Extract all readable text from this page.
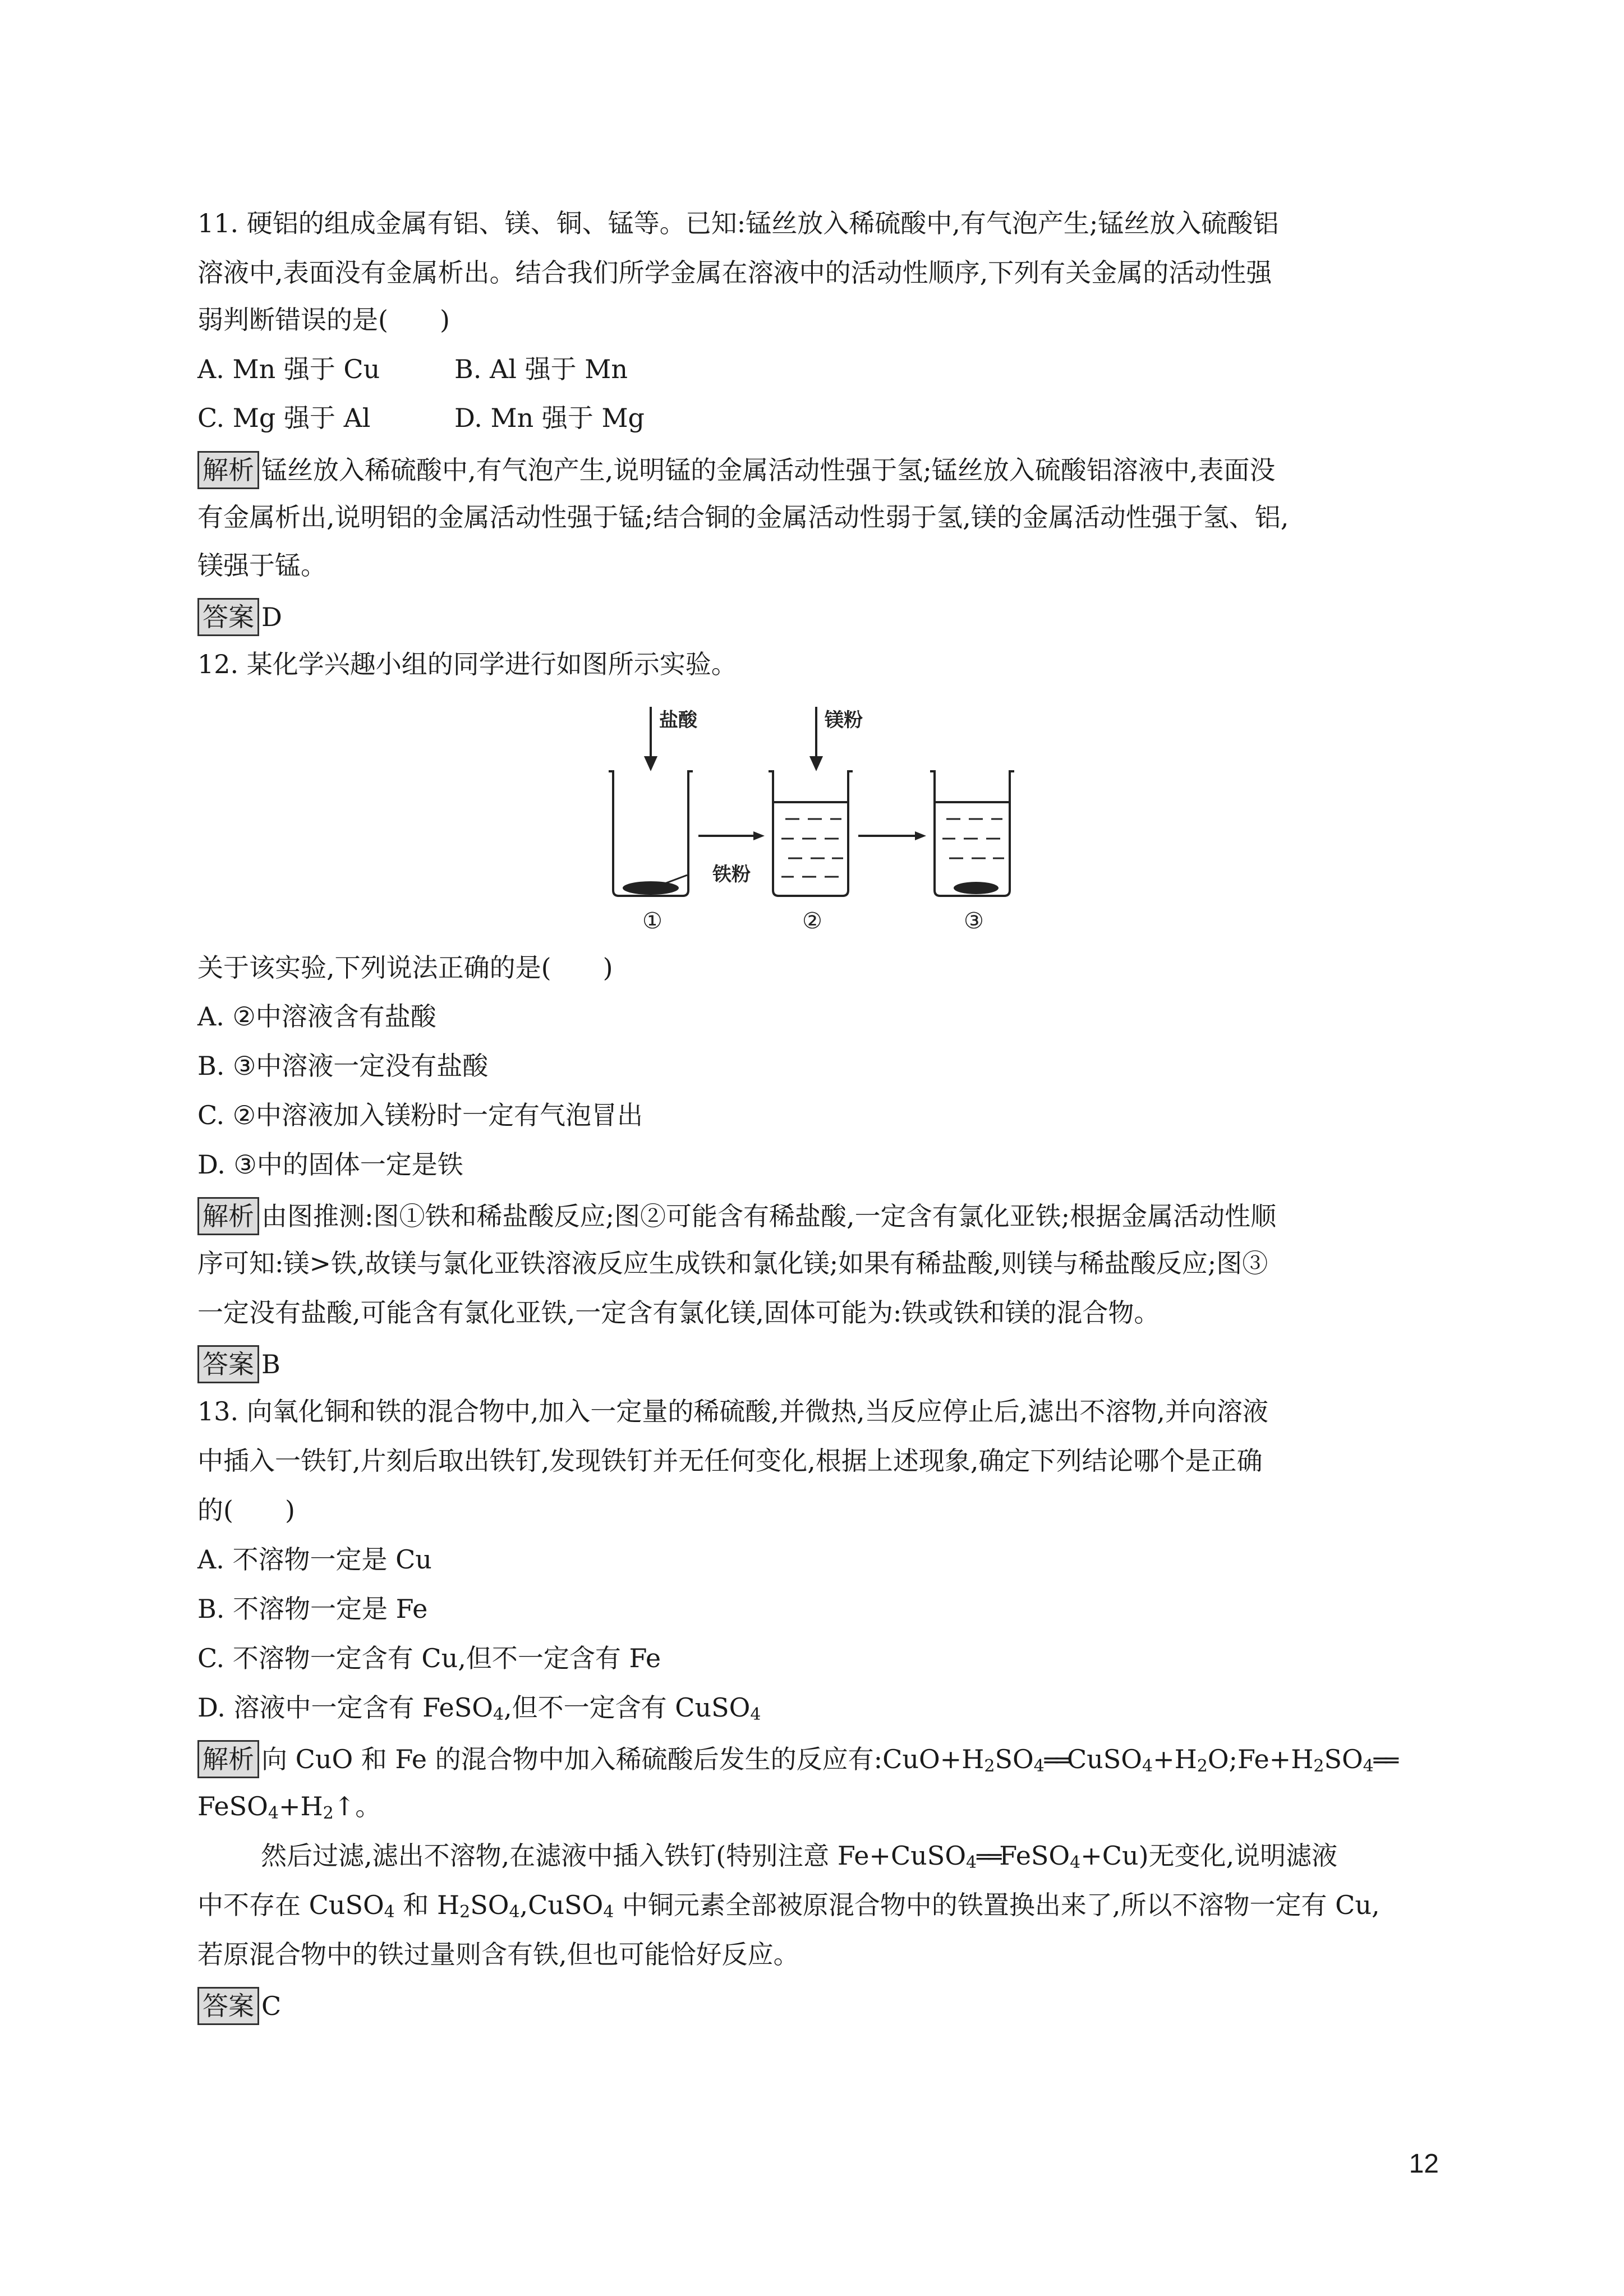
11. 硬铝的组成金属有铝、镁、铜、锰等。已知:锰丝放入稀硫酸中,有气泡产生;锰丝放入硫酸铝
溶液中,表面没有金属析出。结合我们所学金属在溶液中的活动性顺序,下列有关金属的活动性强
弱判断错误的是(　　)
A. Mn 强于 Cu	B. Al 强于 Mn
C. Mg 强于 Al	D. Mn 强于 Mg
解析 锰丝放入稀硫酸中,有气泡产生,说明锰的金属活动性强于氢;锰丝放入硫酸铝溶液中,表面没
有金属析出,说明铝的金属活动性强于锰;结合铜的金属活动性弱于氢,镁的金属活动性强于氢、铝,
镁强于锰。
答案 D
12. 某化学兴趣小组的同学进行如图所示实验。
盐酸	镁粉
铁粉
①	②	③
关于该实验,下列说法正确的是(　　)
A. ②中溶液含有盐酸
B. ③中溶液一定没有盐酸
C. ②中溶液加入镁粉时一定有气泡冒出
D. ③中的固体一定是铁
解析 由图推测:图①铁和稀盐酸反应;图②可能含有稀盐酸,一定含有氯化亚铁;根据金属活动性顺
序可知:镁>铁,故镁与氯化亚铁溶液反应生成铁和氯化镁;如果有稀盐酸,则镁与稀盐酸反应;图③
一定没有盐酸,可能含有氯化亚铁,一定含有氯化镁,固体可能为:铁或铁和镁的混合物。
答案 B
13. 向氧化铜和铁的混合物中,加入一定量的稀硫酸,并微热,当反应停止后,滤出不溶物,并向溶液
中插入一铁钉,片刻后取出铁钉,发现铁钉并无任何变化,根据上述现象,确定下列结论哪个是正确
的(　　)
A. 不溶物一定是 Cu
B. 不溶物一定是 Fe
C. 不溶物一定含有 Cu,但不一定含有 Fe
D. 溶液中一定含有 FeSO$_4$,但不一定含有 CuSO$_4$
解析 向 CuO 和 Fe 的混合物中加入稀硫酸后发生的反应有$:CuO+H_2SO_4══CuSO_4+H_2O;Fe+H_2SO_4══$
$FeSO_4+H_2↑$。
然后过滤,滤出不溶物,在滤液中插入铁钉(特别注意 Fe+CuSO$_4$══FeSO$_4$+Cu)无变化,说明滤液
中不存在 CuSO$_4$ 和 $H_2SO_4,CuSO_4$ 中铜元素全部被原混合物中的铁置换出来了,所以不溶物一定有 Cu,
若原混合物中的铁过量则含有铁,但也可能恰好反应。
答案 C
12
